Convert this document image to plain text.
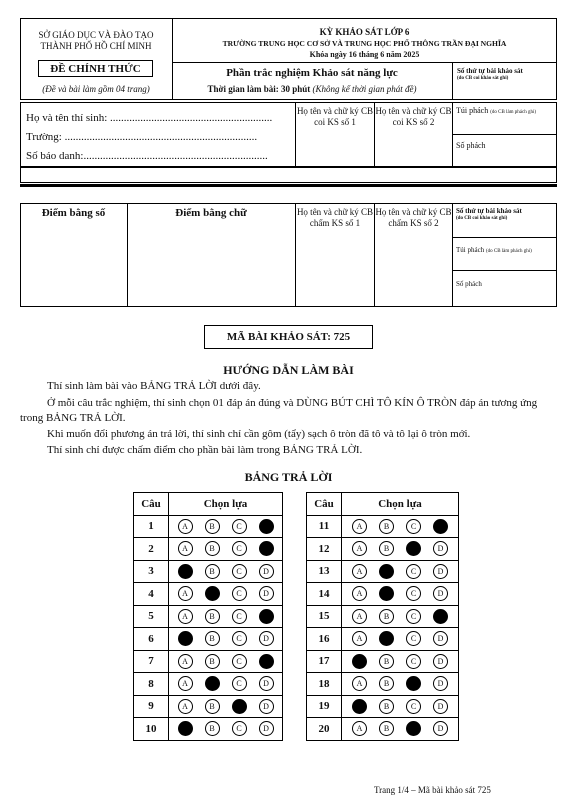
SỞ GIÁO DỤC VÀ ĐÀO TẠO
THÀNH PHỐ HỒ CHÍ MINH
ĐỀ CHÍNH THỨC
(Đề và bài làm gồm 04 trang)
KỲ KHẢO SÁT LỚP 6
TRƯỜNG TRUNG HỌC CƠ SỞ VÀ TRUNG HỌC PHỔ THÔNG TRẦN ĐẠI NGHĨA
Khóa ngày 16 tháng 6 năm 2025
Phần trắc nghiệm Khảo sát năng lực
Thời gian làm bài: 30 phút (Không kể thời gian phát đề)
Số thứ tự bài khảo sát
(do CB coi khảo sát ghi)
Họ và tên thí sinh: ...........................................................
Trường: ......................................................................
Số báo danh:...................................................................
Họ tên và chữ ký CB coi KS số 1
Họ tên và chữ ký CB coi KS số 2
Túi phách (do CB làm phách ghi)
Số phách
Điểm bằng số	Điểm bằng chữ	Họ tên và chữ ký CB chấm KS số 1
Họ tên và chữ ký CB chấm KS số 2
Số thứ tự bài khảo sát
(do CB coi khảo sát ghi)
Túi phách (do CB làm phách ghi)
Số phách
MÃ BÀI KHẢO SÁT: 725
HƯỚNG DẪN LÀM BÀI
Thí sinh làm bài vào BẢNG TRẢ LỜI dưới đây.
Ở mỗi câu trắc nghiệm, thí sinh chọn 01 đáp án đúng và DÙNG BÚT CHÌ TÔ KÍN Ô TRÒN đáp án tương ứng trong BẢNG TRẢ LỜI.
Khi muốn đổi phương án trả lời, thí sinh chỉ cần gôm (tẩy) sạch ô tròn đã tô và tô lại ô tròn mới.
Thí sinh chỉ được chấm điểm cho phần bài làm trong BẢNG TRẢ LỜI.
BẢNG TRẢ LỜI
Câu	Chọn lựa
1	A B C D
2	A B C D
3	A B C D
4	A B C D
5	A B C D
6	A B C D
7	A B C D
8	A B C D
9	A B C D
10	A B C D
Câu	Chọn lựa
11	A B C D
12	A B C D
13	A B C D
14	A B C D
15	A B C D
16	A B C D
17	A B C D
18	A B C D
19	A B C D
20	A B C D
Trang 1/4 – Mã bài khảo sát 725
